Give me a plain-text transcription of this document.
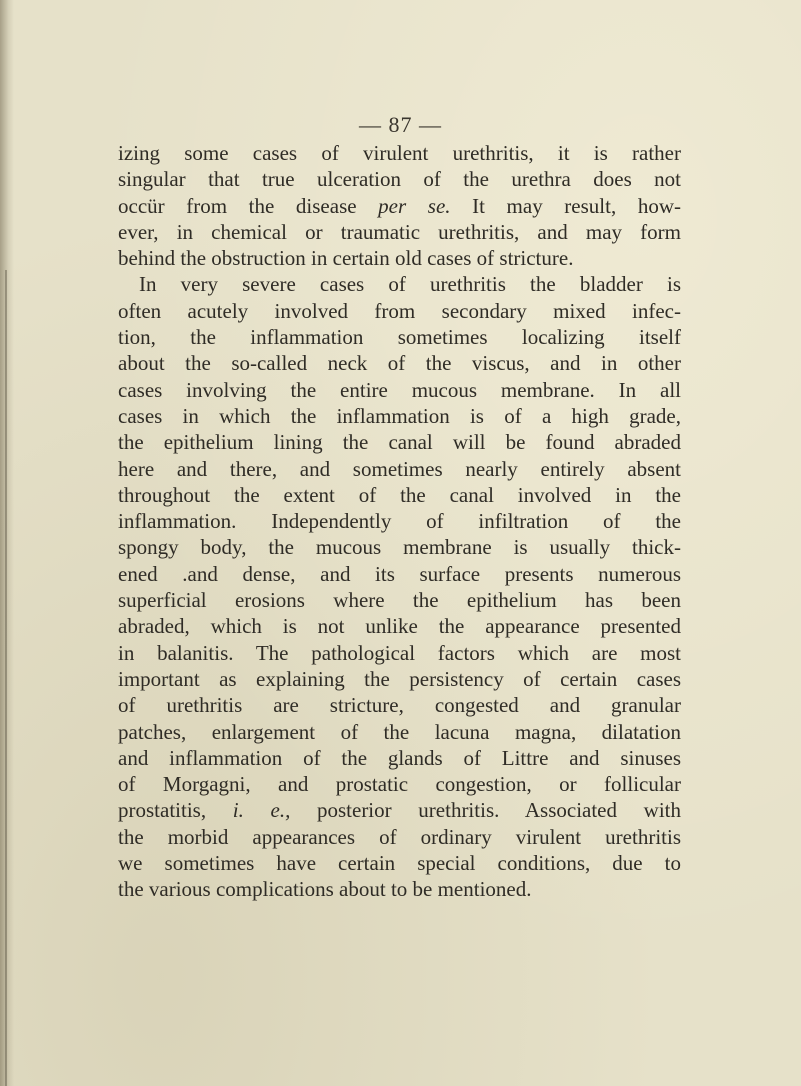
— 87 —
izing some cases of virulent urethritis, it is rather
singular that true ulceration of the urethra does not
occür from the disease per se. It may result, how-
ever, in chemical or traumatic urethritis, and may form
behind the obstruction in certain old cases of stricture.
In very severe cases of urethritis the bladder is
often acutely involved from secondary mixed infec-
tion, the inflammation sometimes localizing itself
about the so-called neck of the viscus, and in other
cases involving the entire mucous membrane. In all
cases in which the inflammation is of a high grade,
the epithelium lining the canal will be found abraded
here and there, and sometimes nearly entirely absent
throughout the extent of the canal involved in the
inflammation. Independently of infiltration of the
spongy body, the mucous membrane is usually thick-
ened .and dense, and its surface presents numerous
superficial erosions where the epithelium has been
abraded, which is not unlike the appearance presented
in balanitis. The pathological factors which are most
important as explaining the persistency of certain cases
of urethritis are stricture, congested and granular
patches, enlargement of the lacuna magna, dilatation
and inflammation of the glands of Littre and sinuses
of Morgagni, and prostatic congestion, or follicular
prostatitis, i. e., posterior urethritis. Associated with
the morbid appearances of ordinary virulent urethritis
we sometimes have certain special conditions, due to
the various complications about to be mentioned.
